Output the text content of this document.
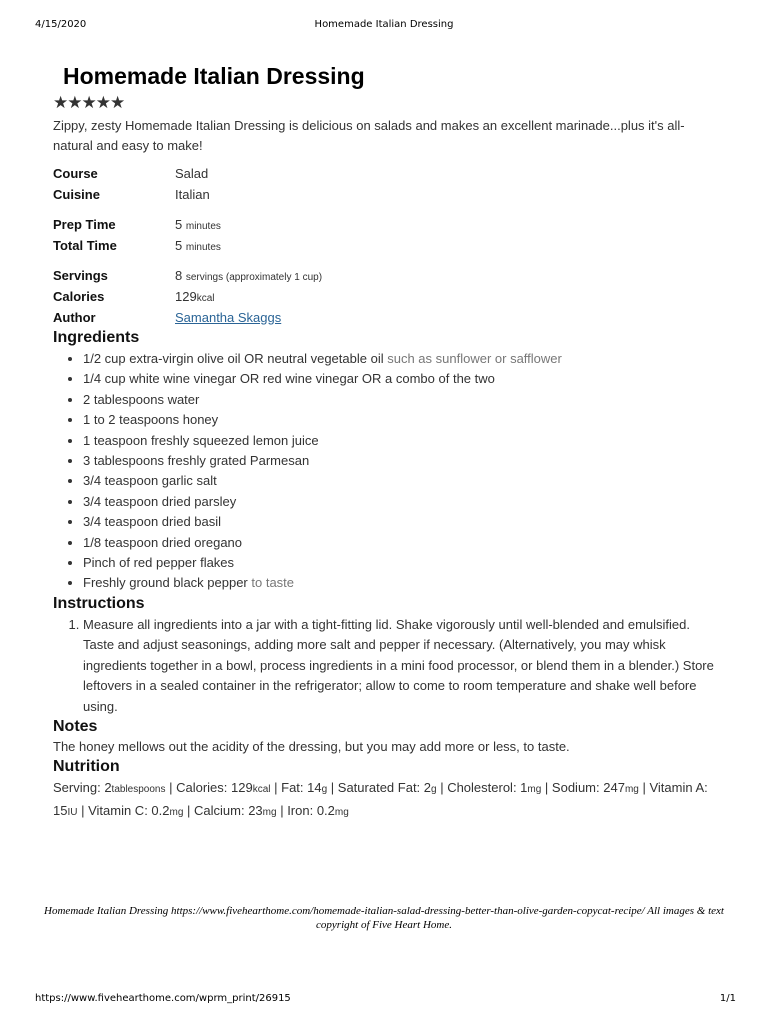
4/15/2020	Homemade Italian Dressing
Homemade Italian Dressing
★★★★★
Zippy, zesty Homemade Italian Dressing is delicious on salads and makes an excellent marinade...plus it's all-natural and easy to make!
Course	Salad
Cuisine	Italian
Prep Time	5 minutes
Total Time	5 minutes
Servings	8 servings (approximately 1 cup)
Calories	129kcal
Author	Samantha Skaggs
Ingredients
• 1/2 cup extra-virgin olive oil OR neutral vegetable oil such as sunflower or safflower
• 1/4 cup white wine vinegar OR red wine vinegar OR a combo of the two
• 2 tablespoons water
• 1 to 2 teaspoons honey
• 1 teaspoon freshly squeezed lemon juice
• 3 tablespoons freshly grated Parmesan
• 3/4 teaspoon garlic salt
• 3/4 teaspoon dried parsley
• 3/4 teaspoon dried basil
• 1/8 teaspoon dried oregano
• Pinch of red pepper flakes
• Freshly ground black pepper to taste
Instructions
1. Measure all ingredients into a jar with a tight-fitting lid. Shake vigorously until well-blended and emulsified. Taste and adjust seasonings, adding more salt and pepper if necessary. (Alternatively, you may whisk ingredients together in a bowl, process ingredients in a mini food processor, or blend them in a blender.) Store leftovers in a sealed container in the refrigerator; allow to come to room temperature and shake well before using.
Notes
The honey mellows out the acidity of the dressing, but you may add more or less, to taste.
Nutrition
Serving: 2tablespoons | Calories: 129kcal | Fat: 14g | Saturated Fat: 2g | Cholesterol: 1mg | Sodium: 247mg | Vitamin A: 15IU | Vitamin C: 0.2mg | Calcium: 23mg | Iron: 0.2mg
Homemade Italian Dressing https://www.fivehearthome.com/homemade-italian-salad-dressing-better-than-olive-garden-copycat-recipe/ All images & text copyright of Five Heart Home.
https://www.fivehearthome.com/wprm_print/26915	1/1
